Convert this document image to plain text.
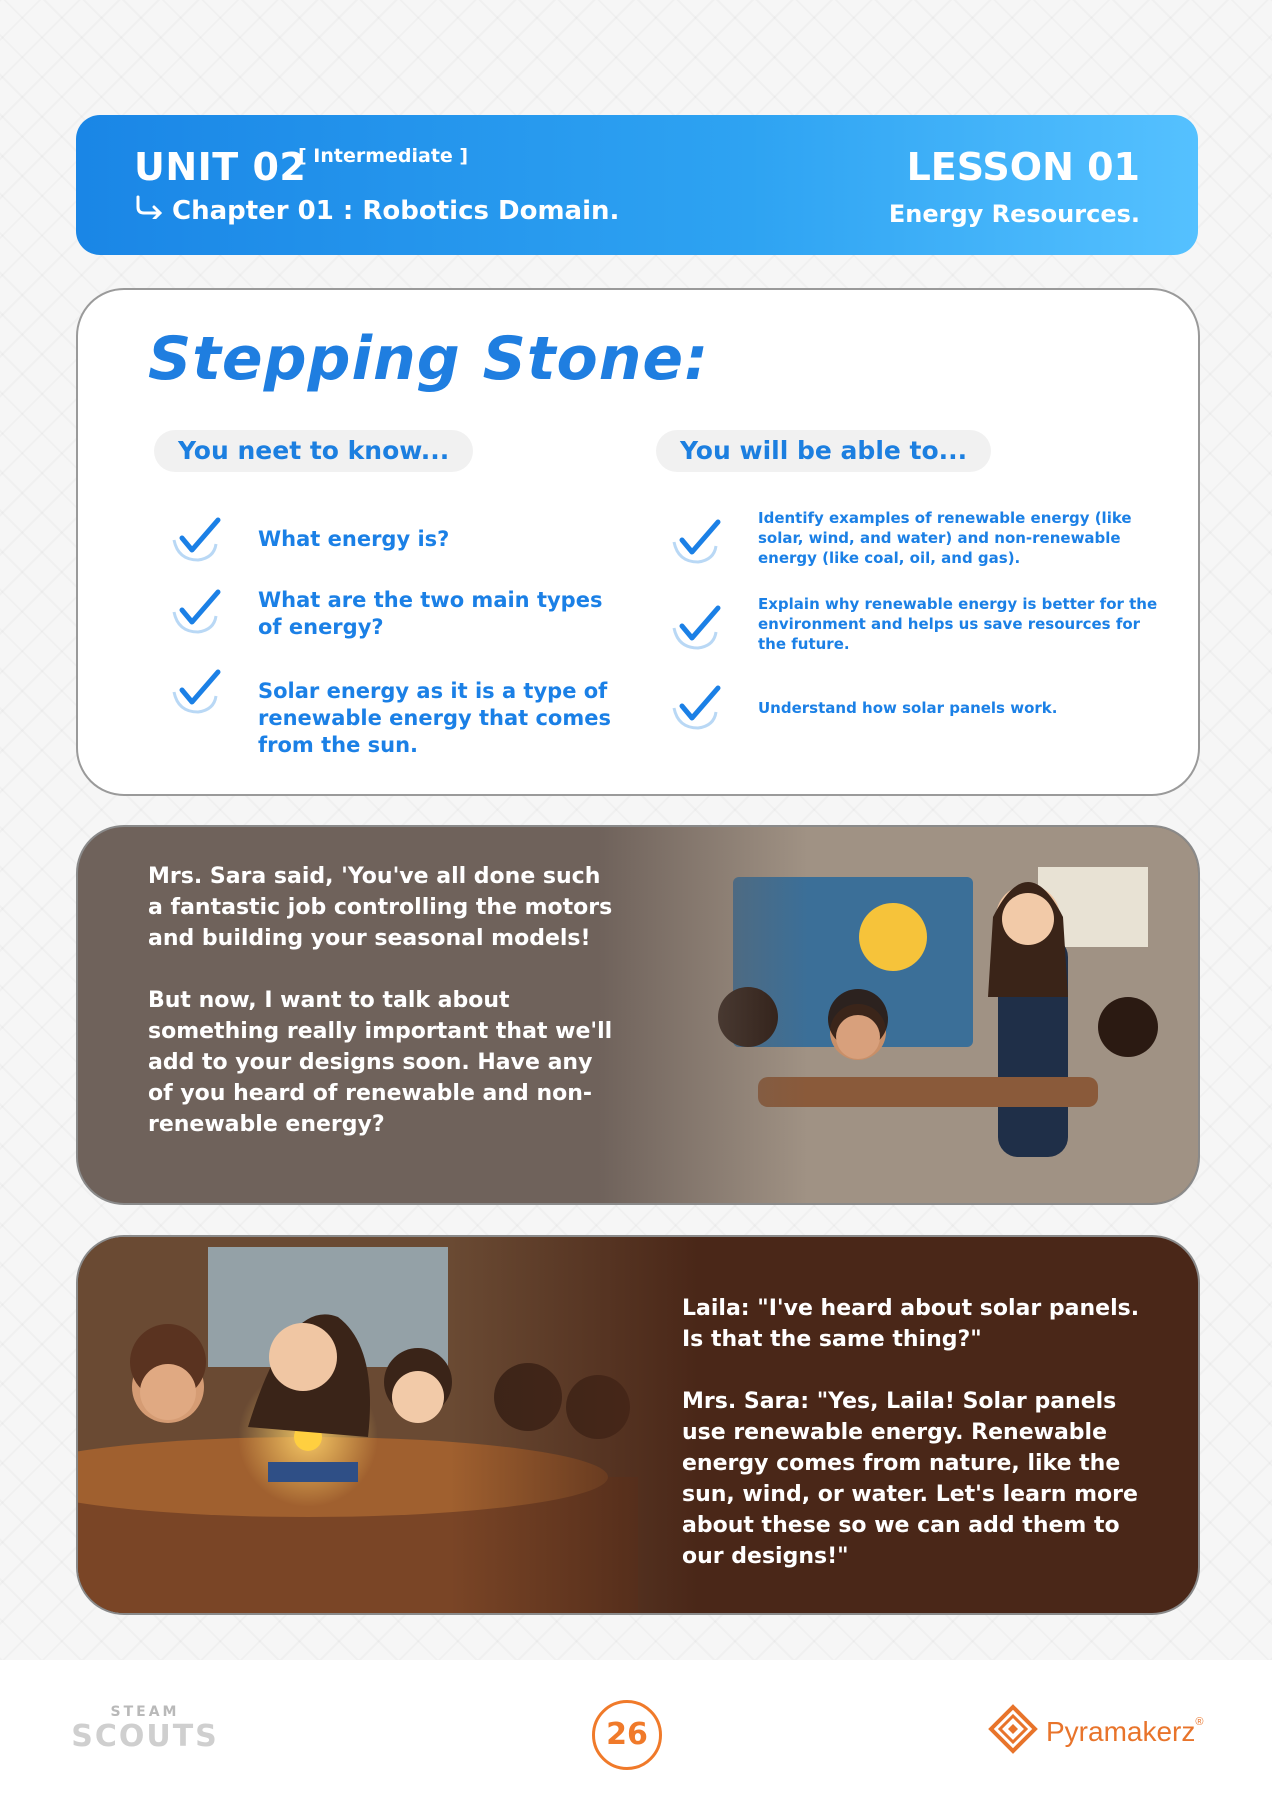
UNIT 02
[ Intermediate ]
Chapter 01 : Robotics Domain.
LESSON 01
Energy Resources.
Stepping Stone:
You neet to know...	You will be able to...
What energy is?
What are the two main types of energy?
Solar energy as it is a type of renewable energy that comes from the sun.
Identify examples of renewable energy (like solar, wind, and water) and non-renewable energy (like coal, oil, and gas).
Explain why renewable energy is better for the environment and helps us save resources for the future.
Understand how solar panels work.
Mrs. Sara said, 'You've all done such a fantastic job controlling the motors and building your seasonal models!

But now, I want to talk about something really important that we'll add to your designs soon. Have any of you heard of renewable and non-renewable energy?
Laila: "I've heard about solar panels. Is that the same thing?"

Mrs. Sara: "Yes, Laila! Solar panels use renewable energy. Renewable energy comes from nature, like the sun, wind, or water. Let's learn more about these so we can add them to our designs!"
STEAM
SCOUTS	26	Pyramakerz®
